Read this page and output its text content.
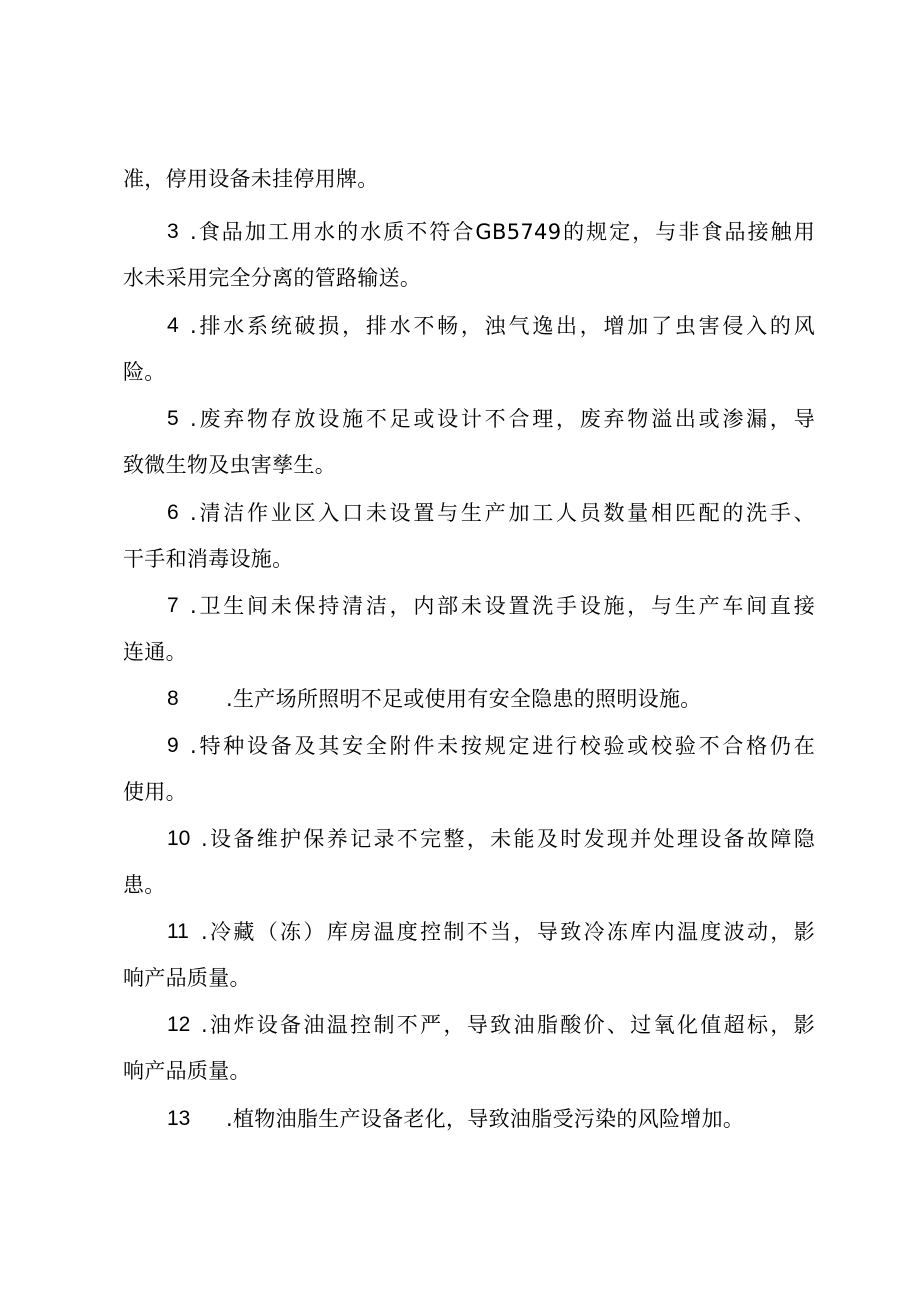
准，停用设备未挂停用牌。
3 .食品加工用水的水质不符合GB5749的规定，与非食品接触用
水未采用完全分离的管路输送。
4 .排水系统破损，排水不畅，浊气逸出，增加了虫害侵入的风
险。
5 .废弃物存放设施不足或设计不合理，废弃物溢出或渗漏，导
致微生物及虫害孳生。
6 .清洁作业区入口未设置与生产加工人员数量相匹配的洗手、
干手和消毒设施。
7 .卫生间未保持清洁，内部未设置洗手设施，与生产车间直接
连通。
8 .生产场所照明不足或使用有安全隐患的照明设施。
9 .特种设备及其安全附件未按规定进行校验或校验不合格仍在
使用。
10 .设备维护保养记录不完整，未能及时发现并处理设备故障隐
患。
11 .冷藏（冻）库房温度控制不当，导致冷冻库内温度波动，影
响产品质量。
12 .油炸设备油温控制不严，导致油脂酸价、过氧化值超标，影
响产品质量。
13 .植物油脂生产设备老化，导致油脂受污染的风险增加。
